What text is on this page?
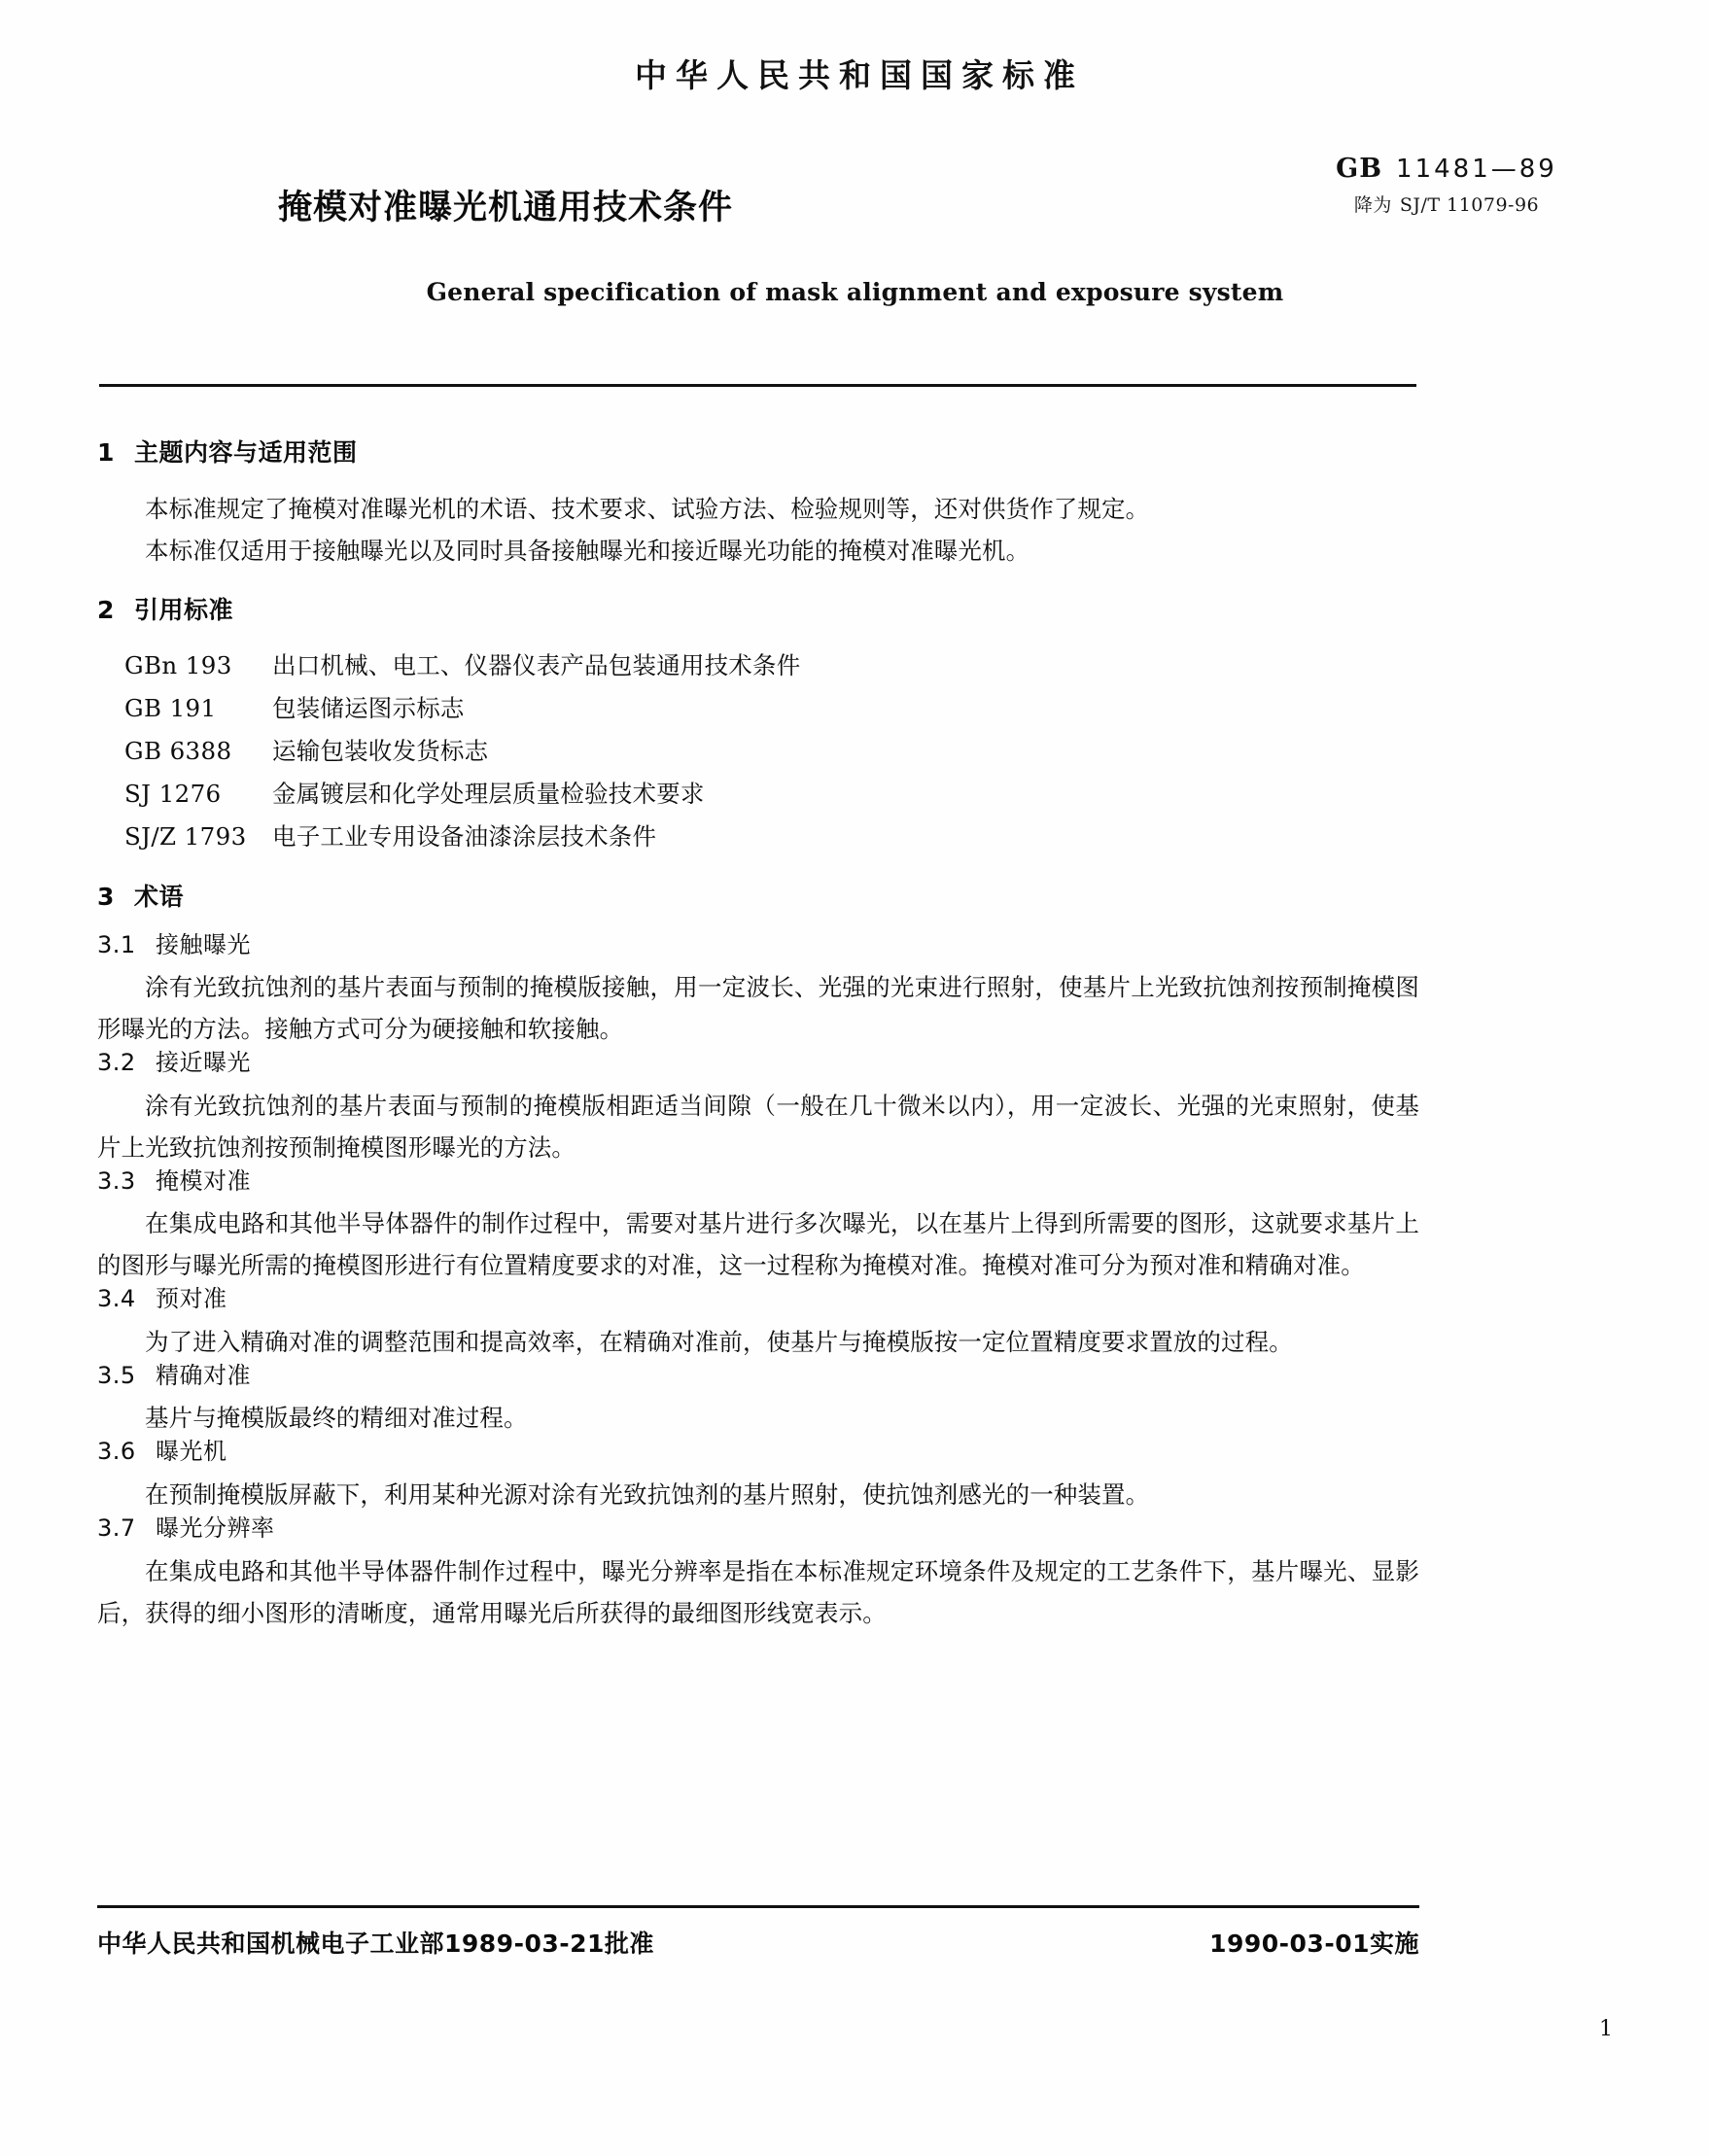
中华人民共和国国家标准
GB 11481—89
降为 SJ/T 11079-96
掩模对准曝光机通用技术条件
General specification of mask alignment and exposure system
1 主题内容与适用范围

本标准规定了掩模对准曝光机的术语、技术要求、试验方法、检验规则等，还对供货作了规定。

本标准仅适用于接触曝光以及同时具备接触曝光和接近曝光功能的掩模对准曝光机。

2 引用标准
GBn 193 出口机械、电工、仪器仪表产品包装通用技术条件
GB 191 包装储运图示标志
GB 6388 运输包装收发货标志
SJ 1276 金属镀层和化学处理层质量检验技术要求
SJ/Z 1793 电子工业专用设备油漆涂层技术条件
3 术语
3.1 接触曝光

涂有光致抗蚀剂的基片表面与预制的掩模版接触，用一定波长、光强的光束进行照射，使基片上光致抗蚀剂按预制掩模图形曝光的方法。接触方式可分为硬接触和软接触。

3.2 接近曝光

涂有光致抗蚀剂的基片表面与预制的掩模版相距适当间隙（一般在几十微米以内），用一定波长、光强的光束照射，使基片上光致抗蚀剂按预制掩模图形曝光的方法。

3.3 掩模对准

在集成电路和其他半导体器件的制作过程中，需要对基片进行多次曝光，以在基片上得到所需要的图形，这就要求基片上的图形与曝光所需的掩模图形进行有位置精度要求的对准，这一过程称为掩模对准。掩模对准可分为预对准和精确对准。

3.4 预对准

为了进入精确对准的调整范围和提高效率，在精确对准前，使基片与掩模版按一定位置精度要求置放的过程。

3.5 精确对准

基片与掩模版最终的精细对准过程。

3.6 曝光机

在预制掩模版屏蔽下，利用某种光源对涂有光致抗蚀剂的基片照射，使抗蚀剂感光的一种装置。

3.7 曝光分辨率

在集成电路和其他半导体器件制作过程中，曝光分辨率是指在本标准规定环境条件及规定的工艺条件下，基片曝光、显影后，获得的细小图形的清晰度，通常用曝光后所获得的最细图形线宽表示。

中华人民共和国机械电子工业部1989-03-21批准	1990-03-01实施
1
